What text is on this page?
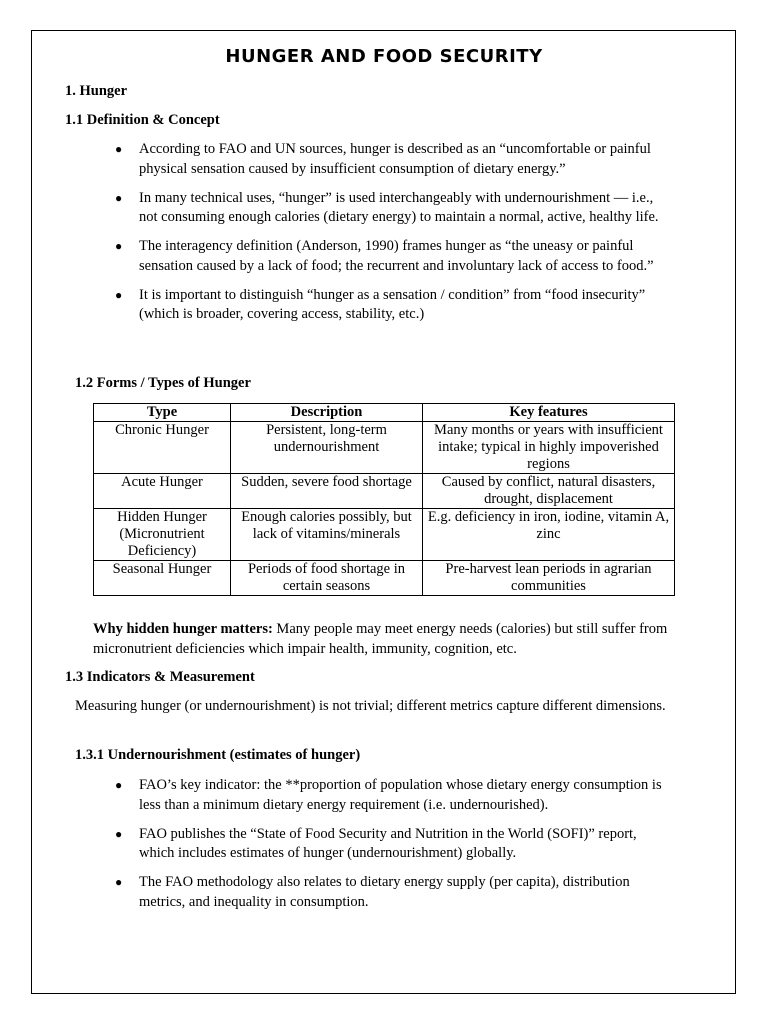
HUNGER AND FOOD SECURITY
1. Hunger
1.1 Definition & Concept
● According to FAO and UN sources, hunger is described as an “uncomfortable or painful physical sensation caused by insufficient consumption of dietary energy.”
● In many technical uses, “hunger” is used interchangeably with undernourishment — i.e., not consuming enough calories (dietary energy) to maintain a normal, active, healthy life.
● The interagency definition (Anderson, 1990) frames hunger as “the uneasy or painful sensation caused by a lack of food; the recurrent and involuntary lack of access to food.”
● It is important to distinguish “hunger as a sensation / condition” from “food insecurity” (which is broader, covering access, stability, etc.)
1.2 Forms / Types of Hunger
Type	Description	Key features
Chronic Hunger	Persistent, long-term undernourishment	Many months or years with insufficient intake; typical in highly impoverished regions
Acute Hunger	Sudden, severe food shortage	Caused by conflict, natural disasters, drought, displacement
Hidden Hunger (Micronutrient Deficiency)	Enough calories possibly, but lack of vitamins/minerals	E.g. deficiency in iron, iodine, vitamin A, zinc
Seasonal Hunger	Periods of food shortage in certain seasons	Pre-harvest lean periods in agrarian communities
Why hidden hunger matters: Many people may meet energy needs (calories) but still suffer from micronutrient deficiencies which impair health, immunity, cognition, etc.
1.3 Indicators & Measurement
Measuring hunger (or undernourishment) is not trivial; different metrics capture different dimensions.
1.3.1 Undernourishment (estimates of hunger)
● FAO’s key indicator: the **proportion of population whose dietary energy consumption is less than a minimum dietary energy requirement (i.e. undernourished).
● FAO publishes the “State of Food Security and Nutrition in the World (SOFI)” report, which includes estimates of hunger (undernourishment) globally.
● The FAO methodology also relates to dietary energy supply (per capita), distribution metrics, and inequality in consumption.
